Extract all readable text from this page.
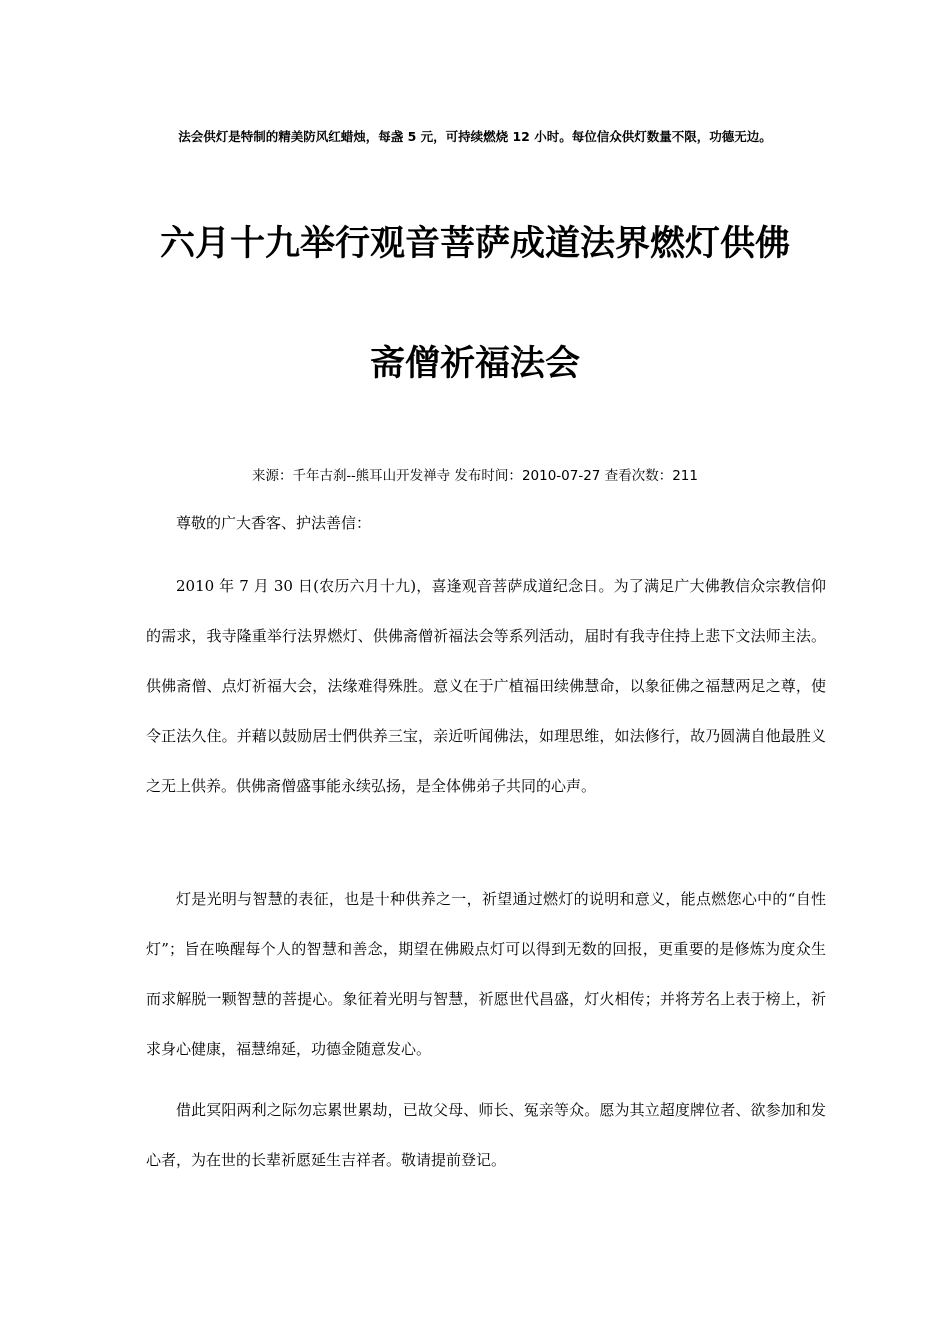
法会供灯是特制的精美防风红蜡烛，每盏 5 元，可持续燃烧 12 小时。每位信众供灯数量不限，功德无边。
六月十九举行观音菩萨成道法界燃灯供佛
斋僧祈福法会
来源：千年古刹--熊耳山开发禅寺 发布时间：2010-07-27 查看次数：211

尊敬的广大香客、护法善信：

2010 年 7 月 30 日(农历六月十九)，喜逢观音菩萨成道纪念日。为了满足广大佛教信众宗教信仰的需求，我寺隆重举行法界燃灯、供佛斋僧祈福法会等系列活动，届时有我寺住持上悲下文法师主法。供佛斋僧、点灯祈福大会，法缘难得殊胜。意义在于广植福田续佛慧命，以象征佛之福慧两足之尊，使令正法久住。并藉以鼓励居士們供养三宝，亲近听闻佛法，如理思维，如法修行，故乃圆满自他最胜义之无上供养。供佛斋僧盛事能永续弘扬，是全体佛弟子共同的心声。

灯是光明与智慧的表征，也是十种供养之一，祈望通过燃灯的说明和意义，能点燃您心中的“自性灯”；旨在唤醒每个人的智慧和善念，期望在佛殿点灯可以得到无数的回报，更重要的是修炼为度众生而求解脱一颗智慧的菩提心。象征着光明与智慧，祈愿世代昌盛，灯火相传；并将芳名上表于榜上，祈求身心健康，福慧绵延，功德金随意发心。

借此冥阳两利之际勿忘累世累劫，已故父母、师长、冤亲等众。愿为其立超度牌位者、欲参加和发心者，为在世的长辈祈愿延生吉祥者。敬请提前登记。
